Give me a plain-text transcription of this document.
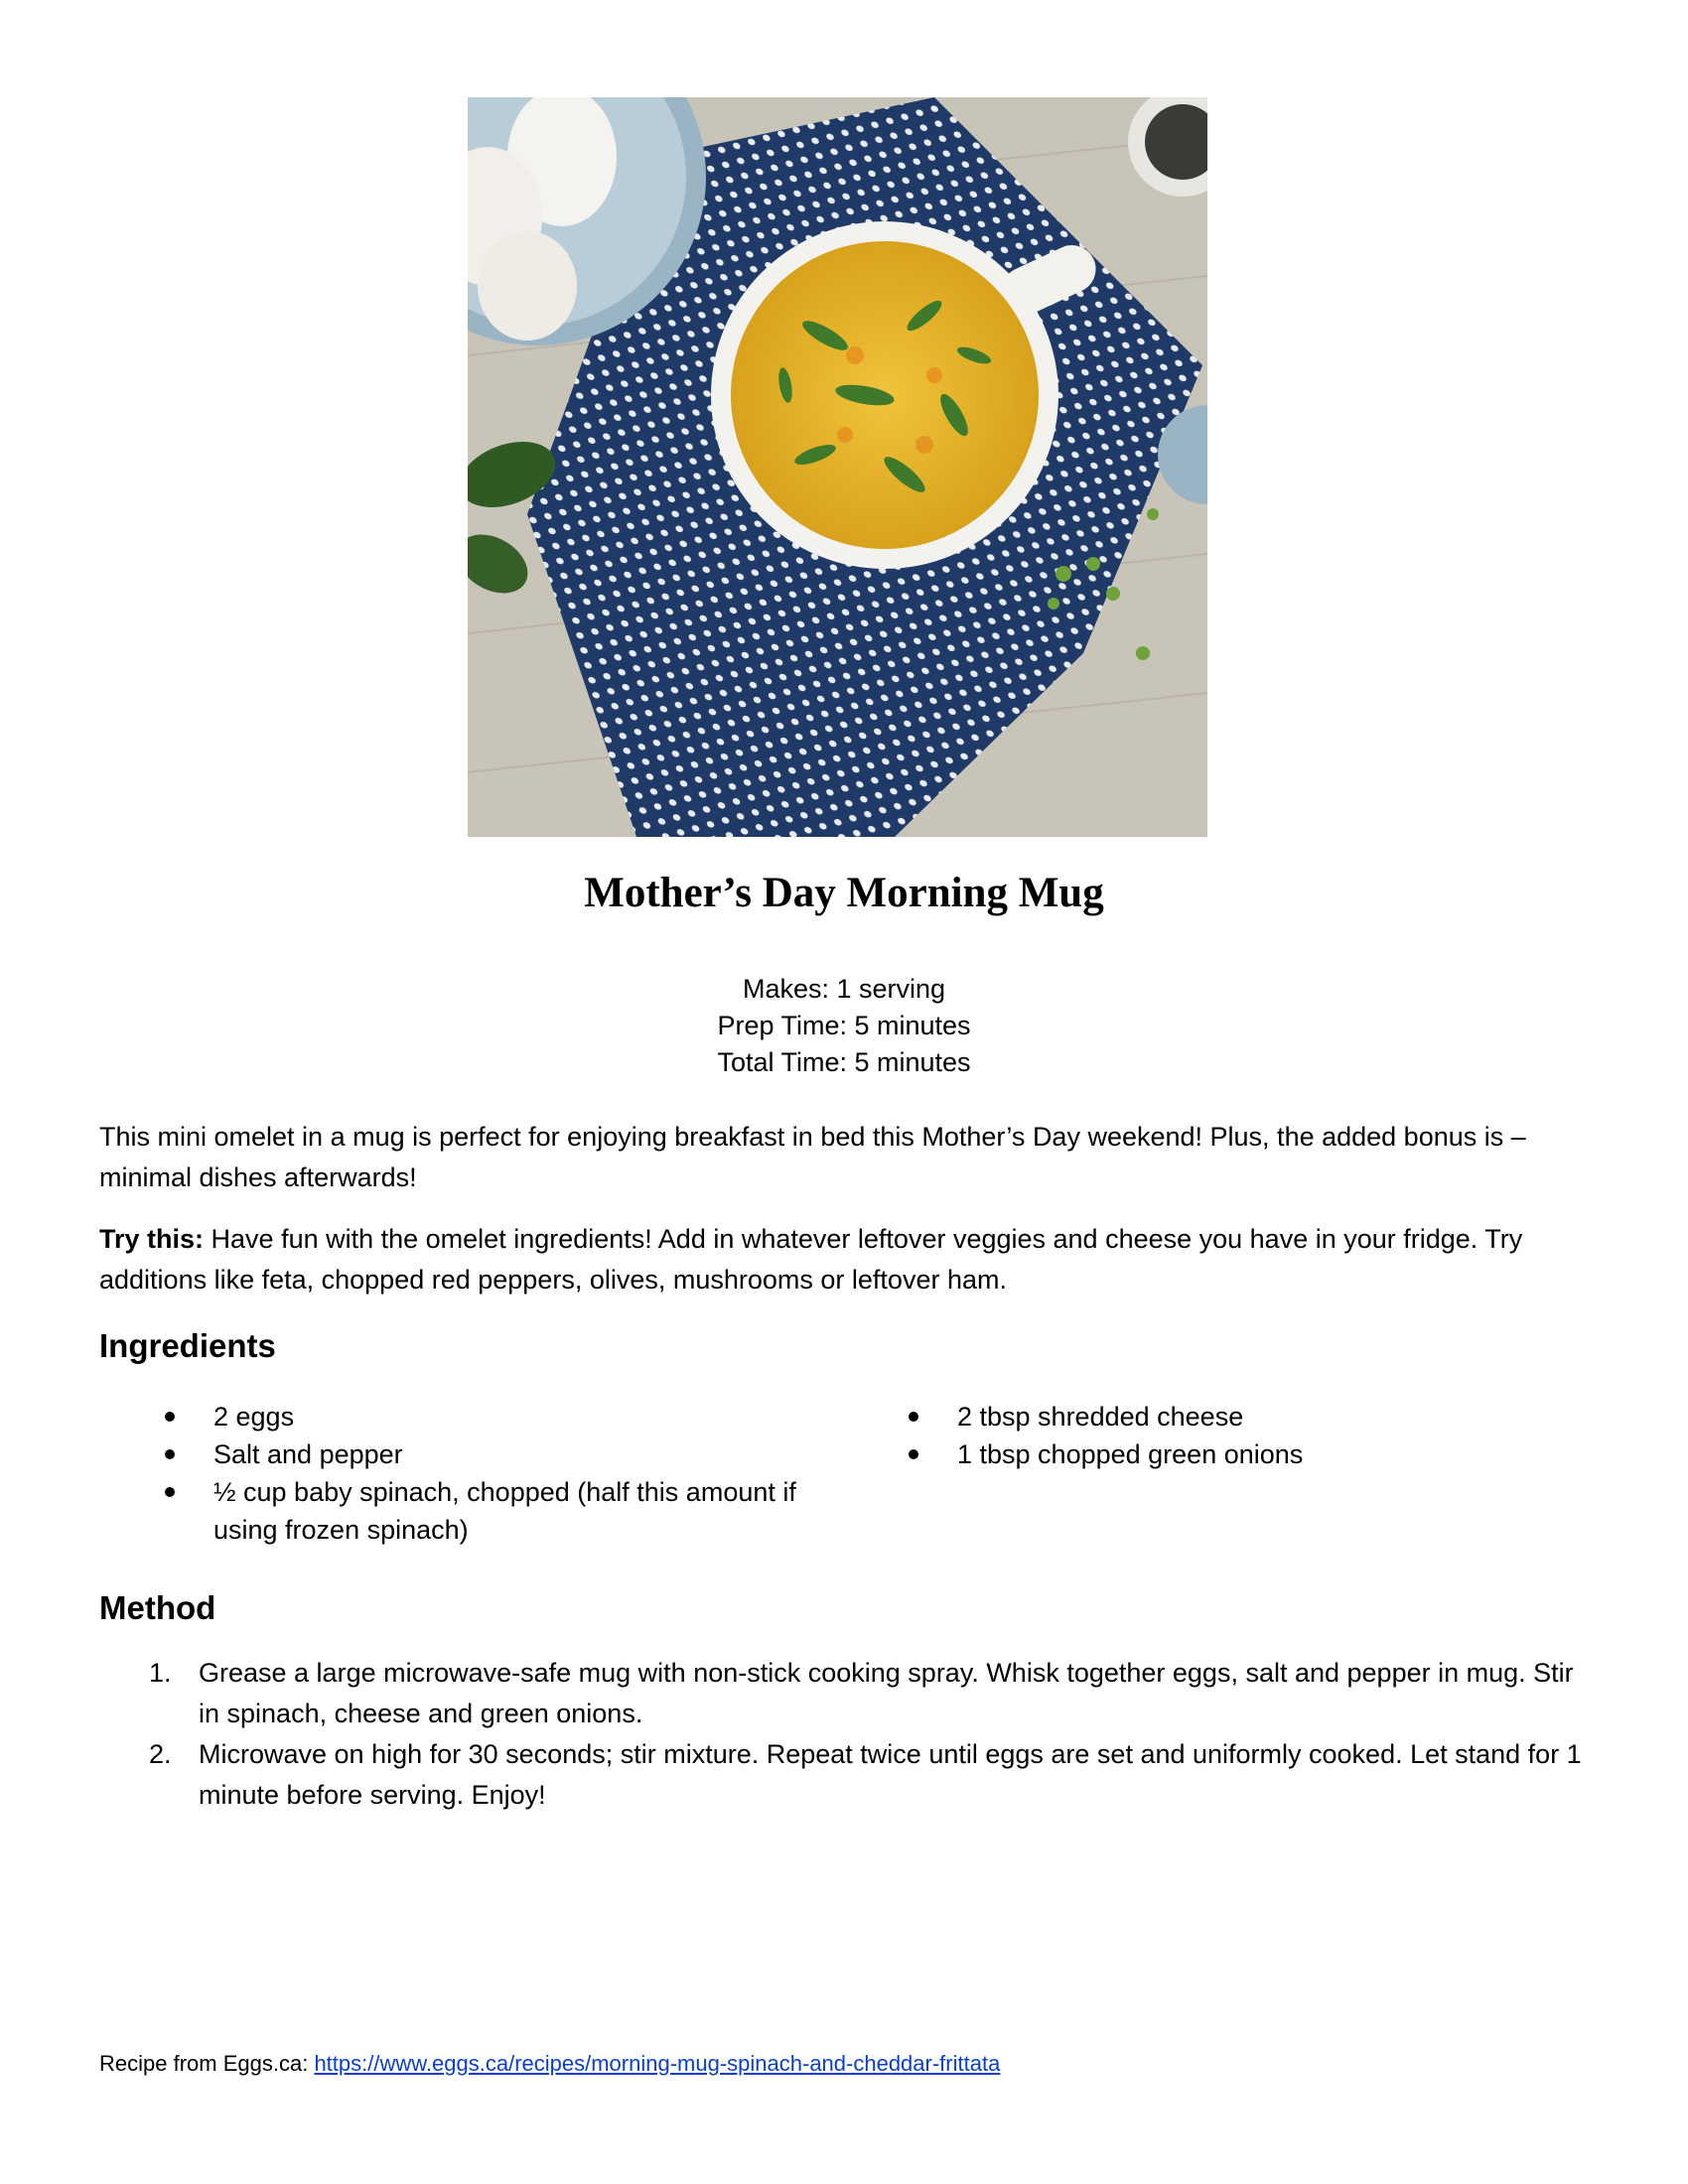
Mother’s Day Morning Mug
Makes: 1 serving
Prep Time: 5 minutes
Total Time: 5 minutes

This mini omelet in a mug is perfect for enjoying breakfast in bed this Mother’s Day weekend! Plus, the added bonus is – minimal dishes afterwards!

Try this: Have fun with the omelet ingredients! Add in whatever leftover veggies and cheese you have in your fridge. Try additions like feta, chopped red peppers, olives, mushrooms or leftover ham.

Ingredients
2 eggs
Salt and pepper
½ cup baby spinach, chopped (half this amount if using frozen spinach)
2 tbsp shredded cheese
1 tbsp chopped green onions
Method
1. Grease a large microwave-safe mug with non-stick cooking spray. Whisk together eggs, salt and pepper in mug. Stir in spinach, cheese and green onions.
2. Microwave on high for 30 seconds; stir mixture. Repeat twice until eggs are set and uniformly cooked. Let stand for 1 minute before serving. Enjoy!
Recipe from Eggs.ca: https://www.eggs.ca/recipes/morning-mug-spinach-and-cheddar-frittata
